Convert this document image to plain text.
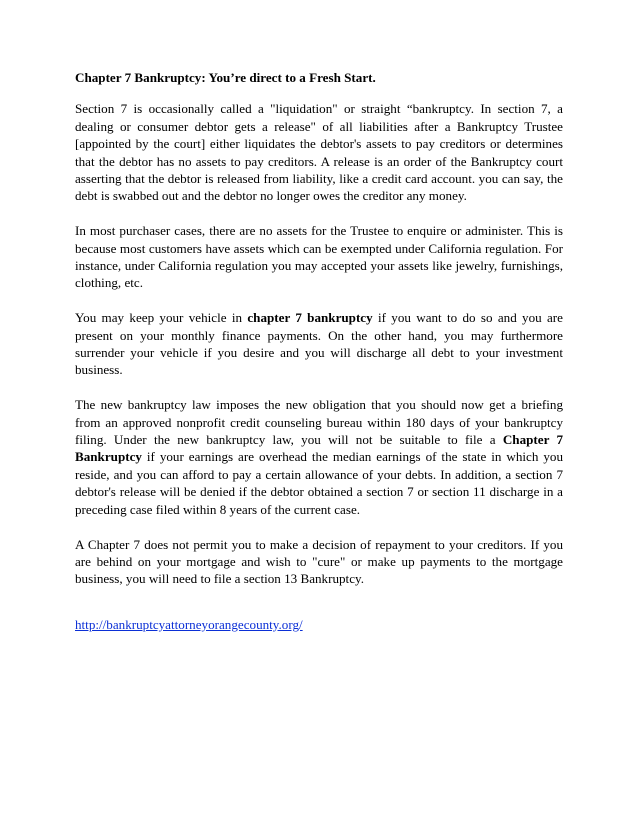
Chapter 7 Bankruptcy: You’re direct to a Fresh Start.

Section 7 is occasionally called a "liquidation" or straight “bankruptcy. In section 7, a dealing or consumer debtor gets a release" of all liabilities after a Bankruptcy Trustee [appointed by the court] either liquidates the debtor's assets to pay creditors or determines that the debtor has no assets to pay creditors. A release is an order of the Bankruptcy court asserting that the debtor is released from liability, like a credit card account. you can say, the debt is swabbed out and the debtor no longer owes the creditor any money.

In most purchaser cases, there are no assets for the Trustee to enquire or administer. This is because most customers have assets which can be exempted under California regulation. For instance, under California regulation you may accepted your assets like jewelry, furnishings, clothing, etc.

You may keep your vehicle in chapter 7 bankruptcy if you want to do so and you are present on your monthly finance payments. On the other hand, you may furthermore surrender your vehicle if you desire and you will discharge all debt to your investment business.

The new bankruptcy law imposes the new obligation that you should now get a briefing from an approved nonprofit credit counseling bureau within 180 days of your bankruptcy filing. Under the new bankruptcy law, you will not be suitable to file a Chapter 7 Bankruptcy if your earnings are overhead the median earnings of the state in which you reside, and you can afford to pay a certain allowance of your debts. In addition, a section 7 debtor's release will be denied if the debtor obtained a section 7 or section 11 discharge in a preceding case filed within 8 years of the current case.

A Chapter 7 does not permit you to make a decision of repayment to your creditors. If you are behind on your mortgage and wish to "cure" or make up payments to the mortgage business, you will need to file a section 13 Bankruptcy.

http://bankruptcyattorneyorangecounty.org/
